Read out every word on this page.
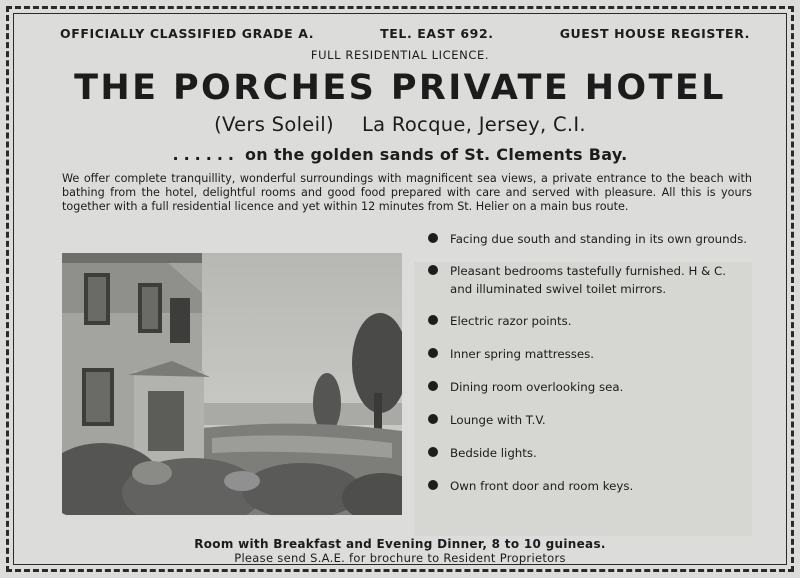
OFFICIALLY CLASSIFIED GRADE A.	TEL. EAST 692.	GUEST HOUSE REGISTER.
FULL RESIDENTIAL LICENCE.
THE PORCHES PRIVATE HOTEL
(Vers Soleil) La Rocque, Jersey, C.I.
...... on the golden sands of St. Clements Bay.
We offer complete tranquillity, wonderful surroundings with magnificent sea views, a private entrance to the beach with bathing from the hotel, delightful rooms and good food prepared with care and served with pleasure. All this is yours together with a full residential licence and yet within 12 minutes from St. Helier on a main bus route.
Facing due south and standing in its own grounds.
Pleasant bedrooms tastefully furnished. H & C. and illuminated swivel toilet mirrors.
Electric razor points.
Inner spring mattresses.
Dining room overlooking sea.
Lounge with T.V.
Bedside lights.
Own front door and room keys.
Room with Breakfast and Evening Dinner, 8 to 10 guineas.
Please send S.A.E. for brochure to Resident Proprietors
